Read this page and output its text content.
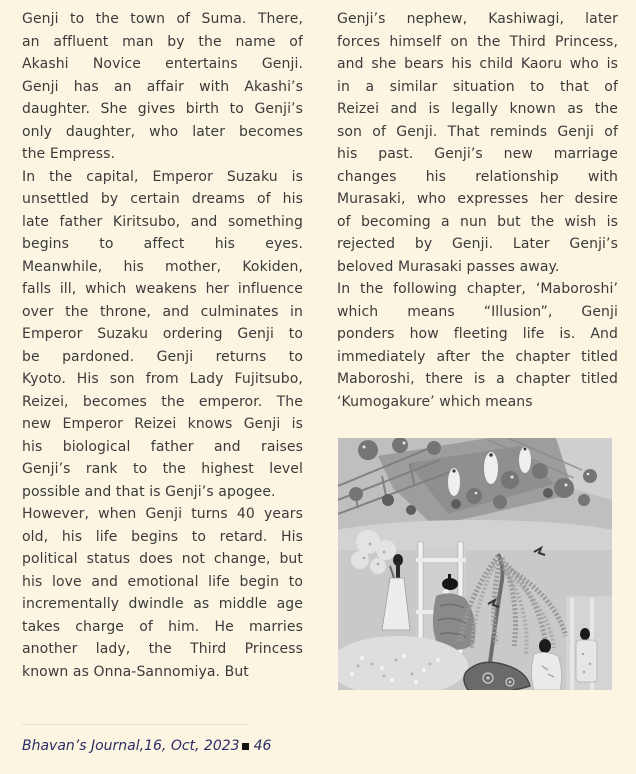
Genji to the town of Suma. There,
an affluent man by the name of
Akashi Novice entertains Genji.
Genji has an affair with Akashi’s
daughter. She gives birth to Genji’s
only daughter, who later becomes
the Empress.
In the capital, Emperor Suzaku is
unsettled by certain dreams of his
late father Kiritsubo, and something
begins to affect his eyes.
Meanwhile, his mother, Kokiden,
falls ill, which weakens her influence
over the throne, and culminates in
Emperor Suzaku ordering Genji to
be pardoned. Genji returns to
Kyoto. His son from Lady Fujitsubo,
Reizei, becomes the emperor. The
new Emperor Reizei knows Genji is
his biological father and raises
Genji’s rank to the highest level
possible and that is Genji’s apogee.
However, when Genji turns 40 years
old, his life begins to retard. His
political status does not change, but
his love and emotional life begin to
incrementally dwindle as middle age
takes charge of him. He marries
another lady, the Third Princess
known as Onna-Sannomiya. But
Genji’s nephew, Kashiwagi, later
forces himself on the Third Princess,
and she bears his child Kaoru who is
in a similar situation to that of
Reizei and is legally known as the
son of Genji. That reminds Genji of
his past. Genji’s new marriage
changes his relationship with
Murasaki, who expresses her desire
of becoming a nun but the wish is
rejected by Genji. Later Genji’s
beloved Murasaki passes away.
In the following chapter, ‘Maboroshi’
which means “Illusion”, Genji
ponders how fleeting life is. And
immediately after the chapter titled
Maboroshi, there is a chapter titled
‘Kumogakure’ which means
Bhavan’s Journal,16, Oct, 2023 46
